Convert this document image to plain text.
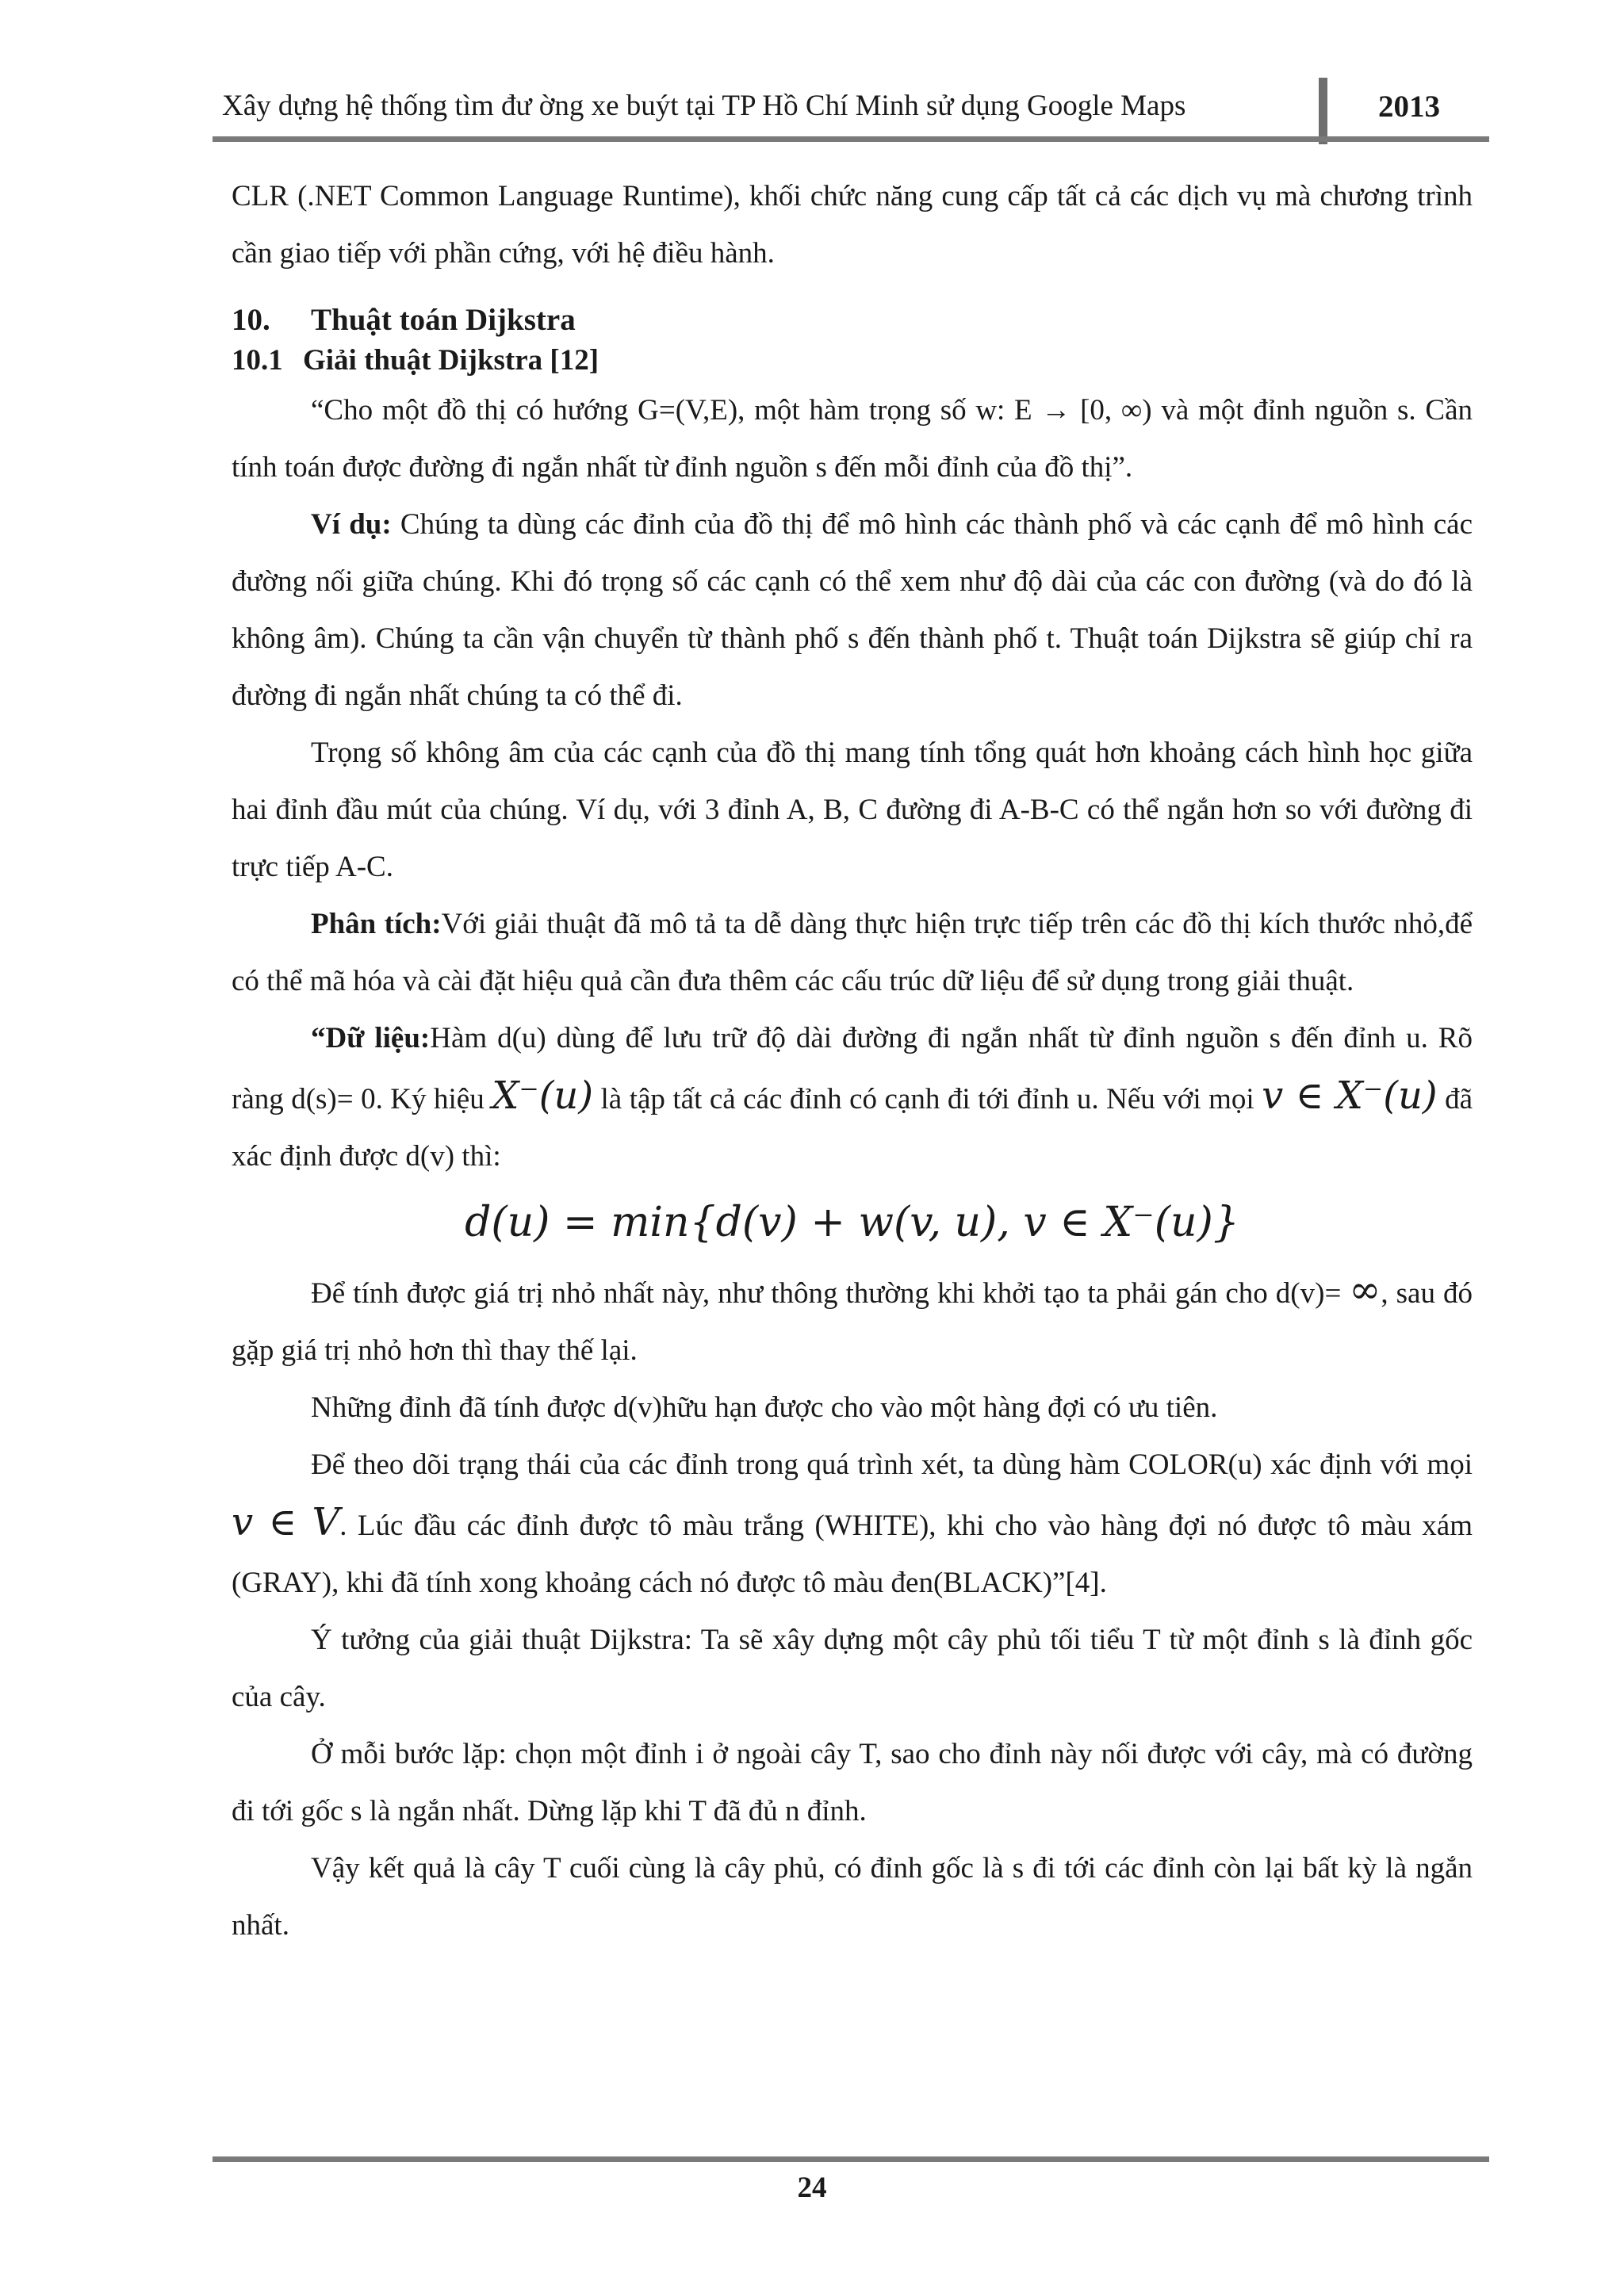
Xây dựng hệ thống tìm đư ờng xe buýt tại TP Hồ Chí Minh sử dụng Google Maps	2013

CLR (.NET Common Language Runtime), khối chức năng cung cấp tất cả các dịch vụ mà chương trình cần giao tiếp với phần cứng, với hệ điều hành.

10. Thuật toán Dijkstra
10.1 Giải thuật Dijkstra [12]

“Cho một đồ thị có hướng G=(V,E), một hàm trọng số w: E → [0, ∞) và một đỉnh nguồn s. Cần tính toán được đường đi ngắn nhất từ đỉnh nguồn s đến mỗi đỉnh của đồ thị”.

Ví dụ: Chúng ta dùng các đỉnh của đồ thị để mô hình các thành phố và các cạnh để mô hình các đường nối giữa chúng. Khi đó trọng số các cạnh có thể xem như độ dài của các con đường (và do đó là không âm). Chúng ta cần vận chuyển từ thành phố s đến thành phố t. Thuật toán Dijkstra sẽ giúp chỉ ra đường đi ngắn nhất chúng ta có thể đi.

Trọng số không âm của các cạnh của đồ thị mang tính tổng quát hơn khoảng cách hình học giữa hai đỉnh đầu mút của chúng. Ví dụ, với 3 đỉnh A, B, C đường đi A-B-C có thể ngắn hơn so với đường đi trực tiếp A-C.

Phân tích:Với giải thuật đã mô tả ta dễ dàng thực hiện trực tiếp trên các đồ thị kích thước nhỏ,để có thể mã hóa và cài đặt hiệu quả cần đưa thêm các cấu trúc dữ liệu để sử dụng trong giải thuật.

“Dữ liệu:Hàm d(u) dùng để lưu trữ độ dài đường đi ngắn nhất từ đỉnh nguồn s đến đỉnh u. Rõ ràng d(s)= 0. Ký hiệu X⁻(u) là tập tất cả các đỉnh có cạnh đi tới đỉnh u. Nếu với mọi v ∈ X⁻(u) đã xác định được d(v) thì:

d(u) = min{d(v) + w(v, u), v ∈ X⁻(u)}

Để tính được giá trị nhỏ nhất này, như thông thường khi khởi tạo ta phải gán cho d(v)= ∞, sau đó gặp giá trị nhỏ hơn thì thay thế lại.

Những đỉnh đã tính được d(v)hữu hạn được cho vào một hàng đợi có ưu tiên.

Để theo dõi trạng thái của các đỉnh trong quá trình xét, ta dùng hàm COLOR(u) xác định với mọi v ∈ V. Lúc đầu các đỉnh được tô màu trắng (WHITE), khi cho vào hàng đợi nó được tô màu xám (GRAY), khi đã tính xong khoảng cách nó được tô màu đen(BLACK)”[4].

Ý tưởng của giải thuật Dijkstra: Ta sẽ xây dựng một cây phủ tối tiểu T từ một đỉnh s là đỉnh gốc của cây.

Ở mỗi bước lặp: chọn một đỉnh i ở ngoài cây T, sao cho đỉnh này nối được với cây, mà có đường đi tới gốc s là ngắn nhất. Dừng lặp khi T đã đủ n đỉnh.

Vậy kết quả là cây T cuối cùng là cây phủ, có đỉnh gốc là s đi tới các đỉnh còn lại bất kỳ là ngắn nhất.

24
